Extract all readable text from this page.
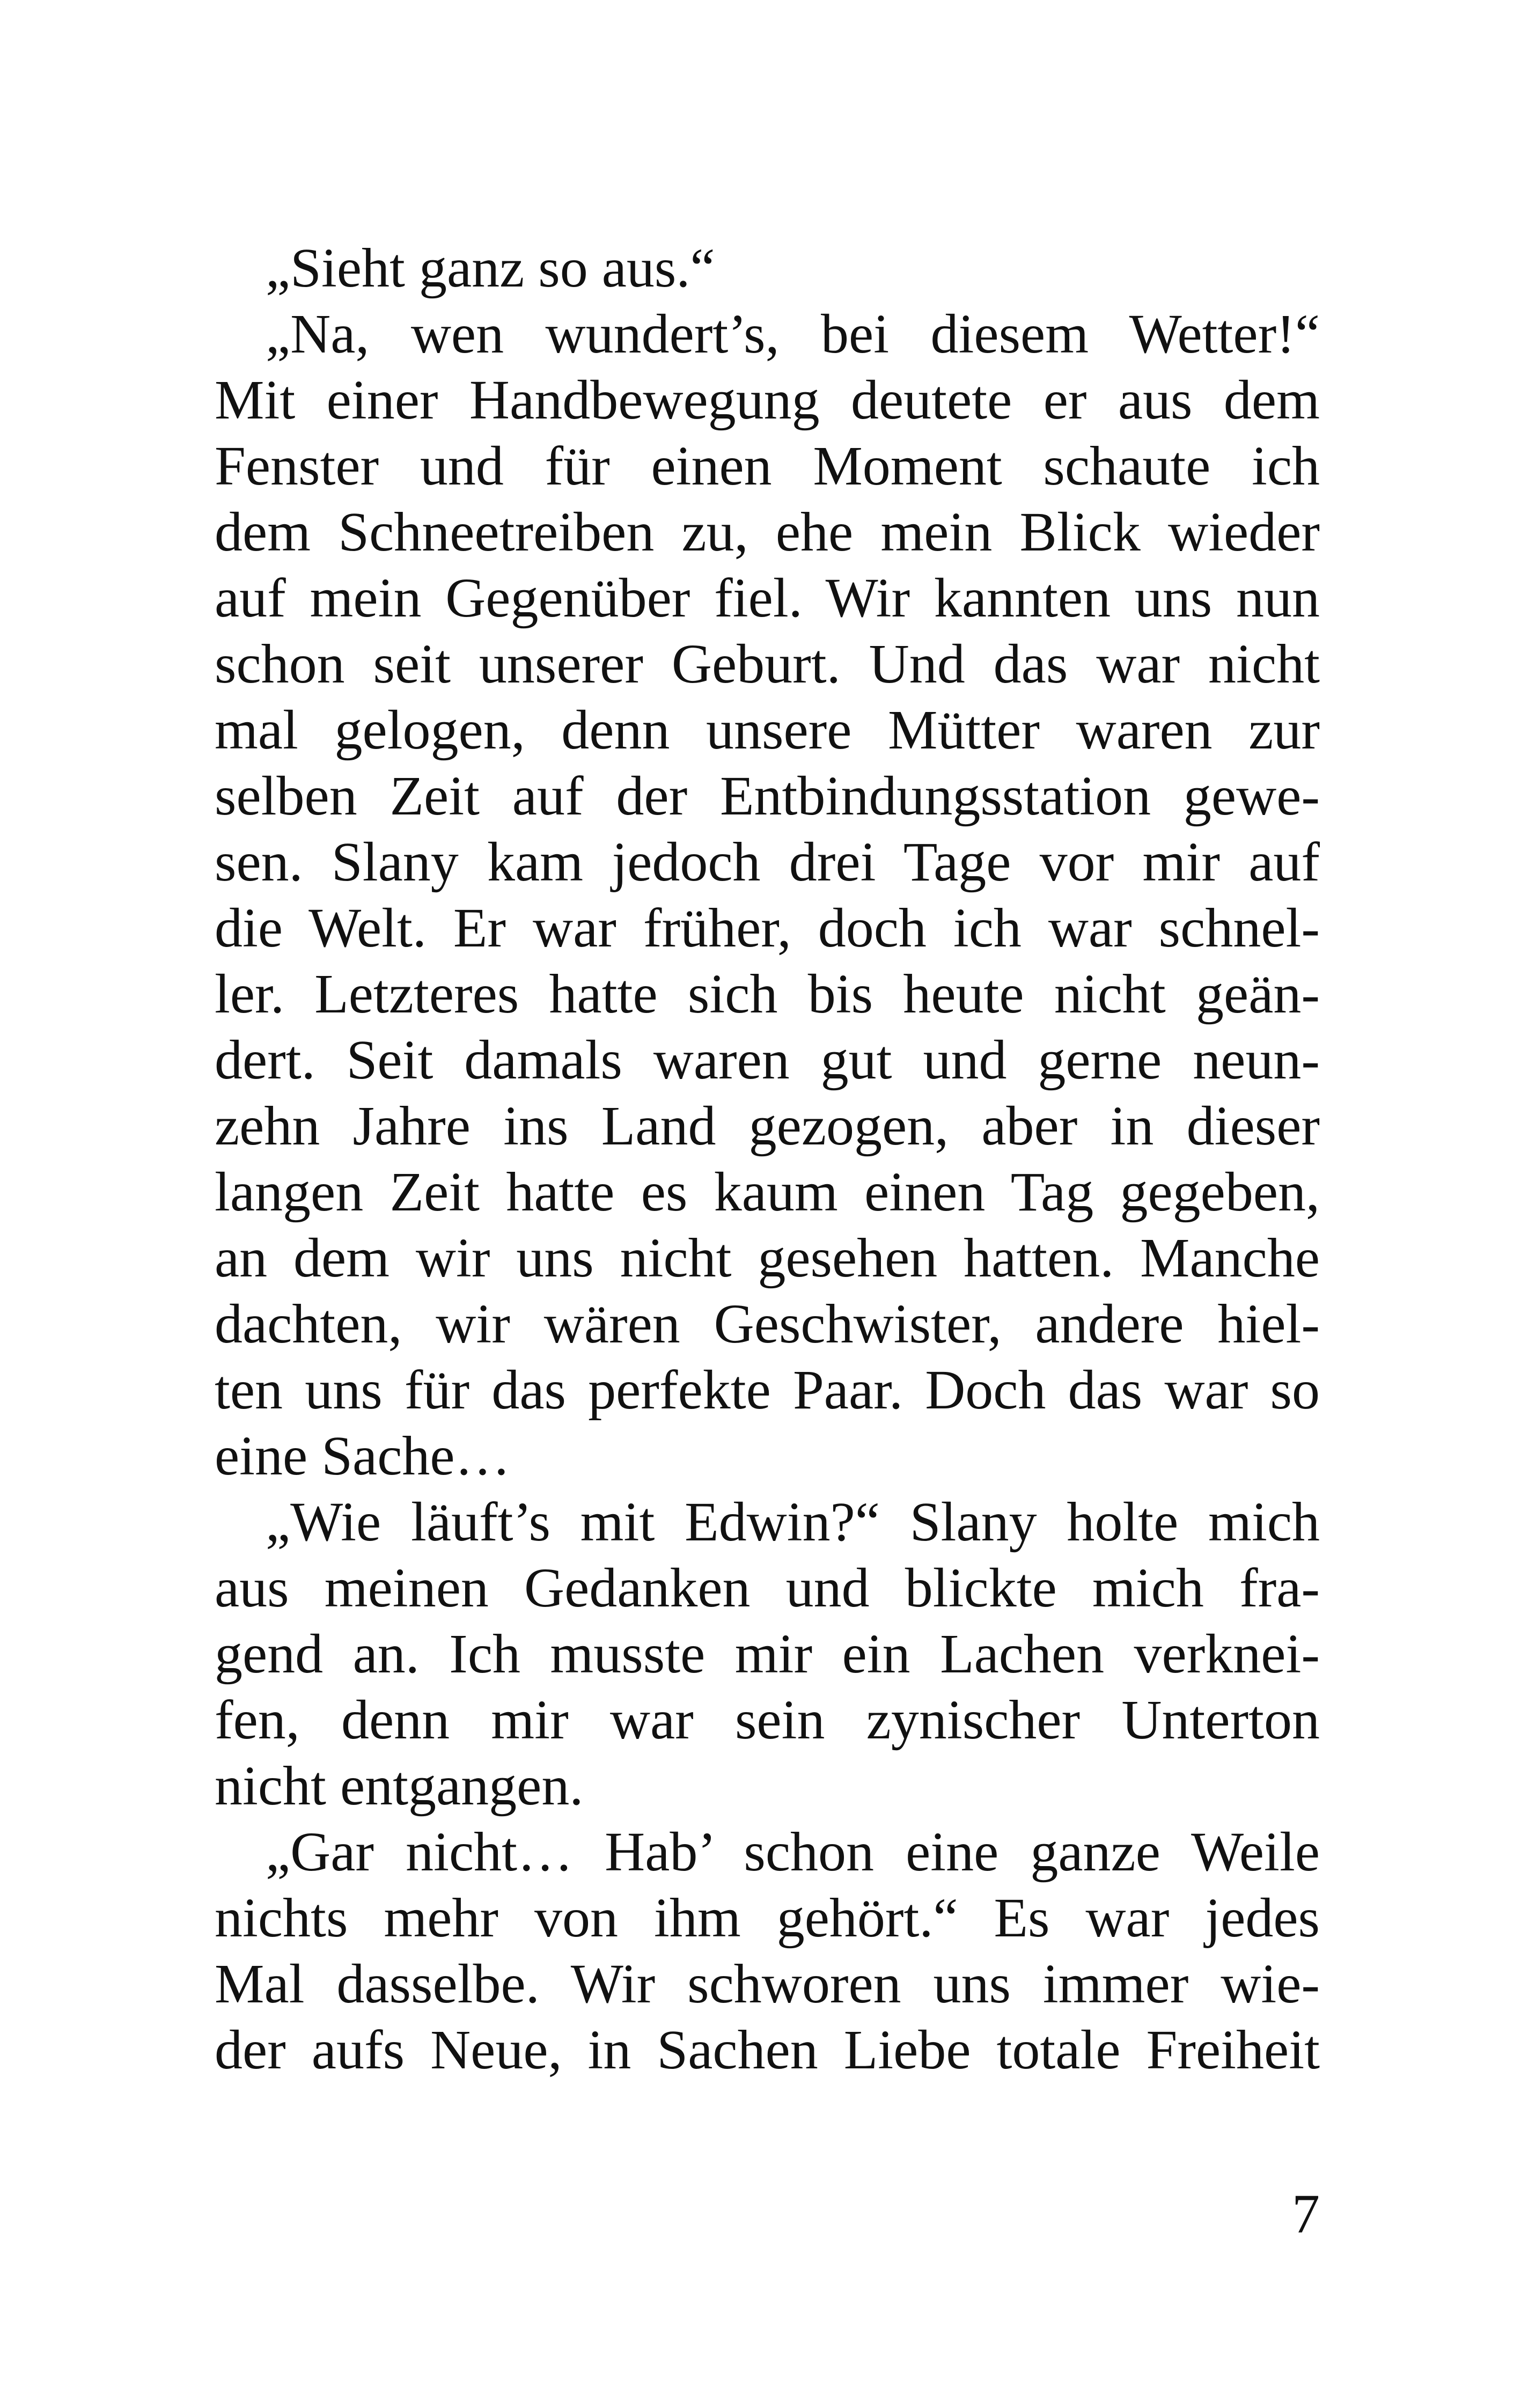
„Sieht ganz so aus.“
„Na, wen wundert’s, bei diesem Wetter!“
Mit einer Handbewegung deutete er aus dem
Fenster und für einen Moment schaute ich
dem Schneetreiben zu, ehe mein Blick wieder
auf mein Gegenüber fiel. Wir kannten uns nun
schon seit unserer Geburt. Und das war nicht
mal gelogen, denn unsere Mütter waren zur
selben Zeit auf der Entbindungsstation gewe-
sen. Slany kam jedoch drei Tage vor mir auf
die Welt. Er war früher, doch ich war schnel-
ler. Letzteres hatte sich bis heute nicht geän-
dert. Seit damals waren gut und gerne neun-
zehn Jahre ins Land gezogen, aber in dieser
langen Zeit hatte es kaum einen Tag gegeben,
an dem wir uns nicht gesehen hatten. Manche
dachten, wir wären Geschwister, andere hiel-
ten uns für das perfekte Paar. Doch das war so
eine Sache…
„Wie läuft’s mit Edwin?“ Slany holte mich
aus meinen Gedanken und blickte mich fra-
gend an. Ich musste mir ein Lachen verknei-
fen, denn mir war sein zynischer Unterton
nicht entgangen.
„Gar nicht… Hab’ schon eine ganze Weile
nichts mehr von ihm gehört.“ Es war jedes
Mal dasselbe. Wir schworen uns immer wie-
der aufs Neue, in Sachen Liebe totale Freiheit
7
